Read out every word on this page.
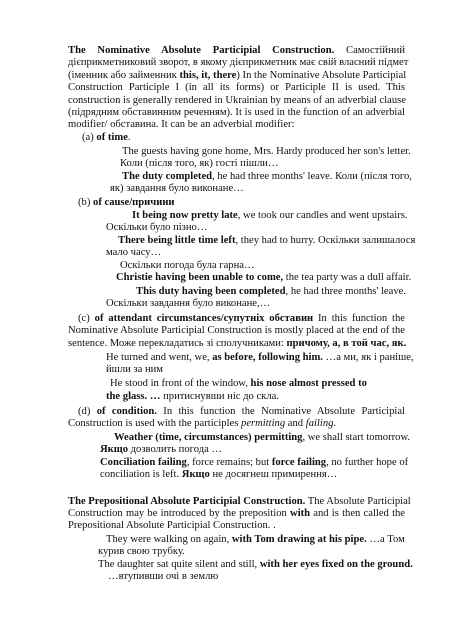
The Nominative Absolute Participial Construction. Самостійний
дієприкметниковий зворот, в якому дієприкметник має свій власний підмет
(іменник або займенник this, it, there) In the Nominative Absolute Participial
Construction Participle I (in all its forms) or Participle II is used. This
construction is generally rendered in Ukrainian by means of an adverbial clause
(підрядним обставинним реченням). It is used in the function of an adverbial
modifier/ обставина. It can be an adverbial modifier:
(a) of time.
The guests having gone home, Mrs. Hardy produced her son's letter.
Коли (після того, як) гості пішли…
The duty completed, he had three months' leave. Коли (після того,
як) завдання було виконане…
(b) of cause/причини
It being now pretty late, we took our candles and went upstairs.
Оскільки було пізно…
There being little time left, they had to hurry. Оскільки залишалося
мало часу…
Оскільки погода була гарна…
Christie having been unable to come, the tea party was a dull affair.
This duty having been completed, he had three months' leave.
Оскільки завдання було виконане,…
(c) of attendant circumstances/супутніх обставин In this function the
Nominative Absolute Participial Construction is mostly placed at the end of the
sentence. Може перекладатись зі сполучниками: причому, а, в той час, як.
He turned and went, we, as before, following him. …а ми, як і раніше,
йшли за ним
He stood in front of the window, his nose almost pressed to
the glass. … притиснувши ніс до скла.
(d) of condition. In this function the Nominative Absolute Participial
Construction is used with the participles permitting and failing.
Weather (time, circumstances) permitting, we shall start tomorrow.
Якщо дозволить погода …
Conciliation failing, force remains; but force failing, no further hope of
conciliation is left. Якщо не досягнеш примирення…
The Prepositional Absolute Participial Construction. The Absolute Participial
Construction may be introduced by the preposition with and is then called the
Prepositional Absolute Participial Construction. .
They were walking on again, with Tom drawing at his pipe. …а Том
курив свою трубку.
The daughter sat quite silent and still, with her eyes fixed on the ground.
…втупивши очі в землю
